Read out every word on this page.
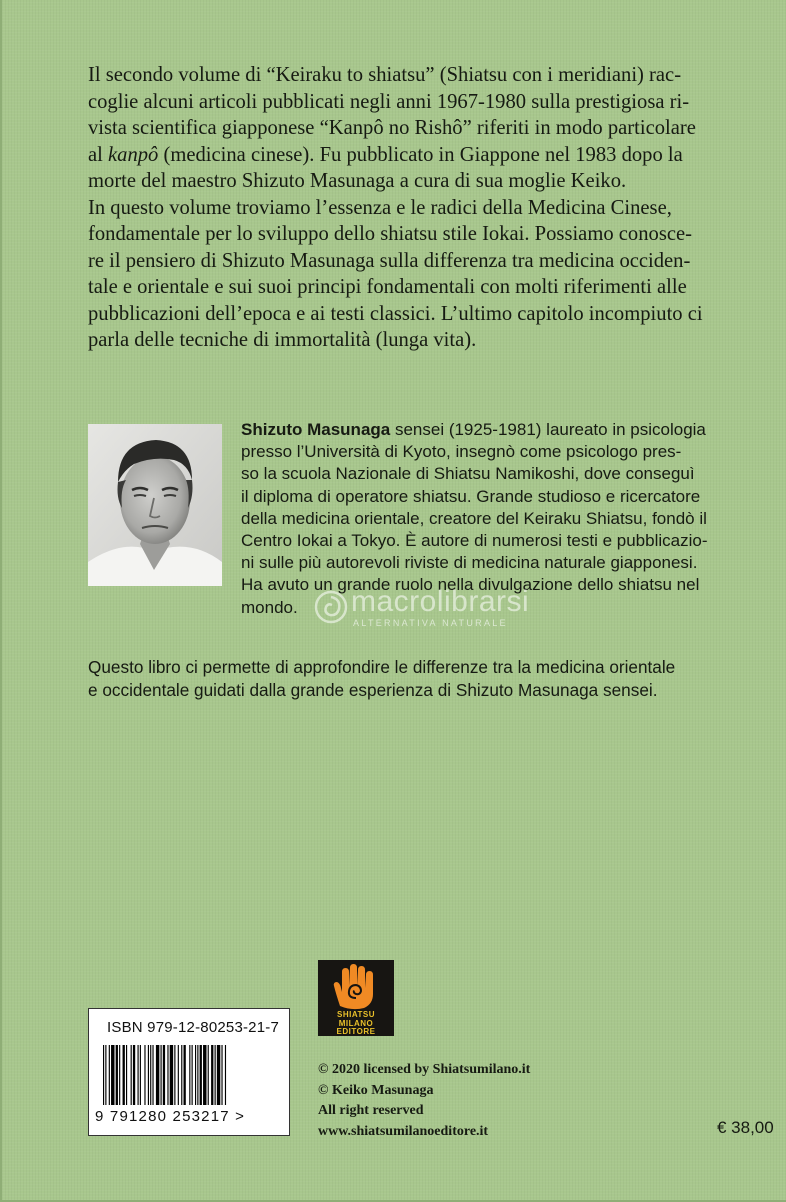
Il secondo volume di “Keiraku to shiatsu” (Shiatsu con i meridiani) rac-
coglie alcuni articoli pubblicati negli anni 1967-1980 sulla prestigiosa ri-
vista scientifica giapponese “Kanpô no Rishô” riferiti in modo particolare
al kanpô (medicina cinese). Fu pubblicato in Giappone nel 1983 dopo la
morte del maestro Shizuto Masunaga a cura di sua moglie Keiko.
In questo volume troviamo l’essenza e le radici della Medicina Cinese,
fondamentale per lo sviluppo dello shiatsu stile Iokai. Possiamo conosce-
re il pensiero di Shizuto Masunaga sulla differenza tra medicina occiden-
tale e orientale e sui suoi principi fondamentali con molti riferimenti alle
pubblicazioni dell’epoca e ai testi classici. L’ultimo capitolo incompiuto ci
parla delle tecniche di immortalità (lunga vita).
Shizuto Masunaga sensei (1925-1981) laureato in psicologia
presso l’Università di Kyoto, insegnò come psicologo pres-
so la scuola Nazionale di Shiatsu Namikoshi, dove conseguì
il diploma di operatore shiatsu. Grande studioso e ricercatore
della medicina orientale, creatore del Keiraku Shiatsu, fondò il
Centro Iokai a Tokyo. È autore di numerosi testi e pubblicazio-
ni sulle più autorevoli riviste di medicina naturale giapponesi.
Ha avuto un grande ruolo nella divulgazione dello shiatsu nel
mondo.	macrolibrarsi
ALTERNATIVA NATURALE
Questo libro ci permette di approfondire le differenze tra la medicina orientale
e occidentale guidati dalla grande esperienza di Shizuto Masunaga sensei.
SHIATSU
MILANO
EDITORE
ISBN 979-12-80253-21-7
9 791280 253217 >
© 2020 licensed by Shiatsumilano.it
© Keiko Masunaga
All right reserved
www.shiatsumilanoeditore.it	€ 38,00
